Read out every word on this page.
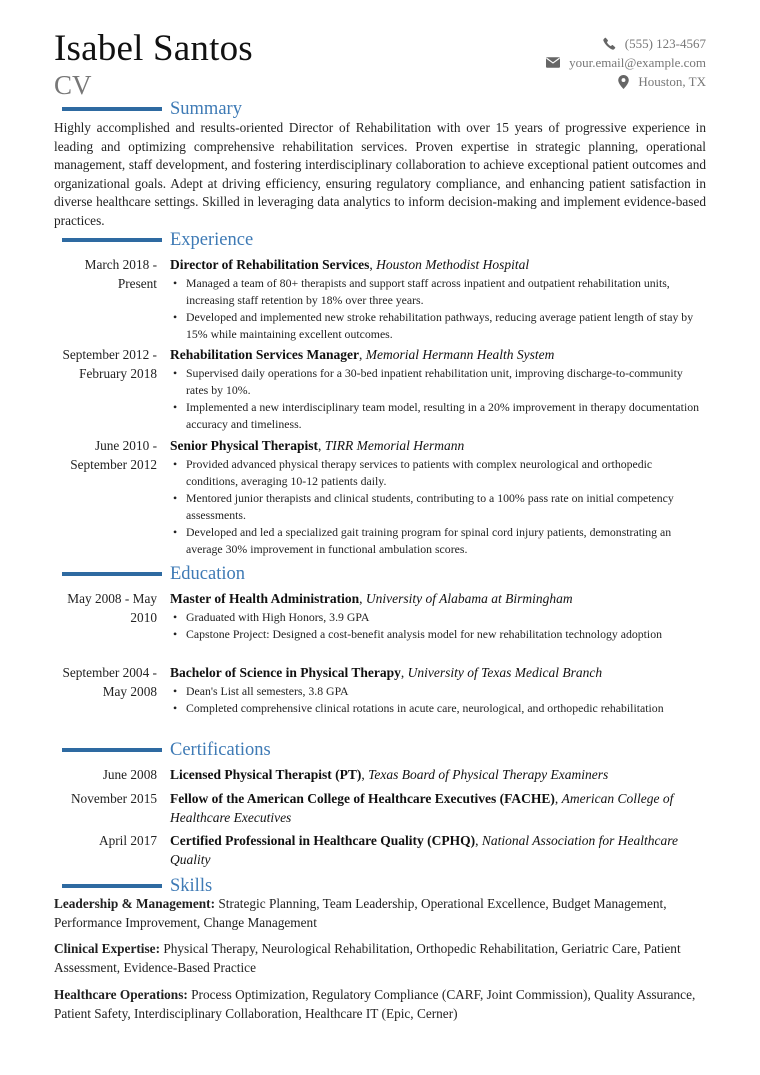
Isabel Santos
CV
(555) 123-4567
your.email@example.com
Houston, TX
Summary
Highly accomplished and results-oriented Director of Rehabilitation with over 15 years of progressive experience in leading and optimizing comprehensive rehabilitation services. Proven expertise in strategic planning, operational management, staff development, and fostering interdisciplinary collaboration to achieve exceptional patient outcomes and organizational goals. Adept at driving efficiency, ensuring regulatory compliance, and enhancing patient satisfaction in diverse healthcare settings. Skilled in leveraging data analytics to inform decision-making and implement evidence-based practices.
Experience
March 2018 - Present
Director of Rehabilitation Services, Houston Methodist Hospital
• Managed a team of 80+ therapists and support staff across inpatient and outpatient rehabilitation units, increasing staff retention by 18% over three years.
• Developed and implemented new stroke rehabilitation pathways, reducing average patient length of stay by 15% while maintaining excellent outcomes.
September 2012 - February 2018
Rehabilitation Services Manager, Memorial Hermann Health System
• Supervised daily operations for a 30-bed inpatient rehabilitation unit, improving discharge-to-community rates by 10%.
• Implemented a new interdisciplinary team model, resulting in a 20% improvement in therapy documentation accuracy and timeliness.
June 2010 - September 2012
Senior Physical Therapist, TIRR Memorial Hermann
• Provided advanced physical therapy services to patients with complex neurological and orthopedic conditions, averaging 10-12 patients daily.
• Mentored junior therapists and clinical students, contributing to a 100% pass rate on initial competency assessments.
• Developed and led a specialized gait training program for spinal cord injury patients, demonstrating an average 30% improvement in functional ambulation scores.
Education
May 2008 - May 2010
Master of Health Administration, University of Alabama at Birmingham
• Graduated with High Honors, 3.9 GPA
• Capstone Project: Designed a cost-benefit analysis model for new rehabilitation technology adoption
September 2004 - May 2008
Bachelor of Science in Physical Therapy, University of Texas Medical Branch
• Dean's List all semesters, 3.8 GPA
• Completed comprehensive clinical rotations in acute care, neurological, and orthopedic rehabilitation
Certifications
June 2008 Licensed Physical Therapist (PT), Texas Board of Physical Therapy Examiners
November 2015 Fellow of the American College of Healthcare Executives (FACHE), American College of Healthcare Executives
April 2017 Certified Professional in Healthcare Quality (CPHQ), National Association for Healthcare Quality
Skills
Leadership & Management: Strategic Planning, Team Leadership, Operational Excellence, Budget Management, Performance Improvement, Change Management
Clinical Expertise: Physical Therapy, Neurological Rehabilitation, Orthopedic Rehabilitation, Geriatric Care, Patient Assessment, Evidence-Based Practice
Healthcare Operations: Process Optimization, Regulatory Compliance (CARF, Joint Commission), Quality Assurance, Patient Safety, Interdisciplinary Collaboration, Healthcare IT (Epic, Cerner)
